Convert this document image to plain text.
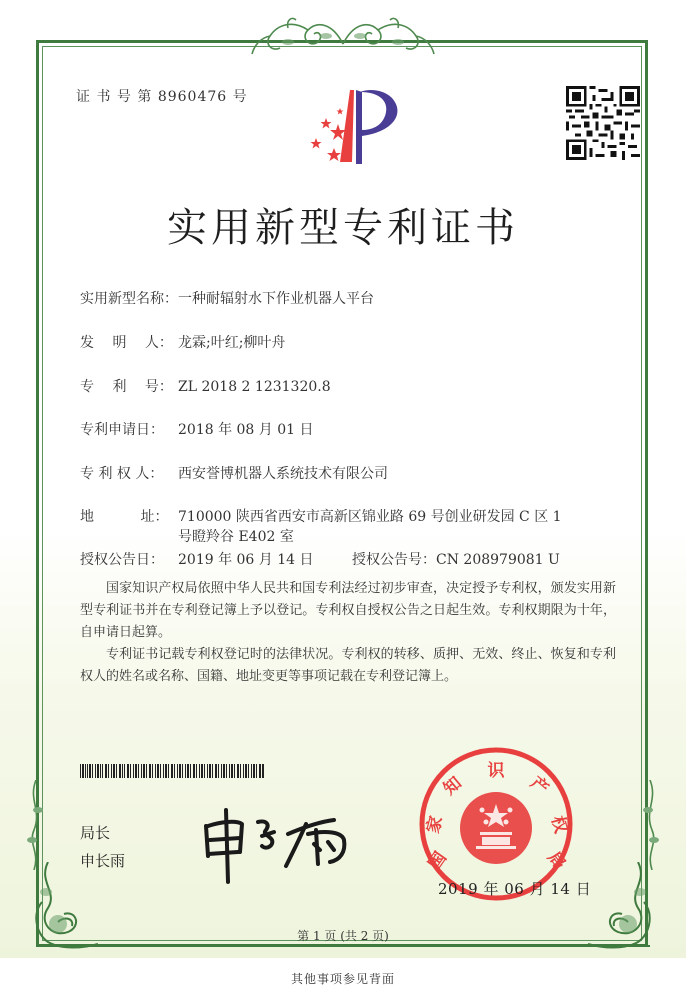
证 书 号 第 8960476 号
实用新型专利证书
实用新型名称：一种耐辐射水下作业机器人平台
发　 明 　人： 龙霖;叶红;柳叶舟
专　 利 　号： ZL 2018 2 1231320.8
专利申请日： 2018 年 08 月 01 日
专 利 权 人： 西安誉博机器人系统技术有限公司
地　　　 址： 710000 陕西省西安市高新区锦业路 69 号创业研发园 C 区 1
号瞪羚谷 E402 室
授权公告日： 2019 年 06 月 14 日	授权公告号：CN 208979081 U

国家知识产权局依照中华人民共和国专利法经过初步审查，决定授予专利权，颁发实用新型专利证书并在专利登记簿上予以登记。专利权自授权公告之日起生效。专利权期限为十年，自申请日起算。

专利证书记载专利权登记时的法律状况。专利权的转移、质押、无效、终止、恢复和专利权人的姓名或名称、国籍、地址变更等事项记载在专利登记簿上。

局长
申长雨	国
家
知
识
产
权
局
2019 年 06 月 14 日
第 1 页 (共 2 页)
其他事项参见背面
